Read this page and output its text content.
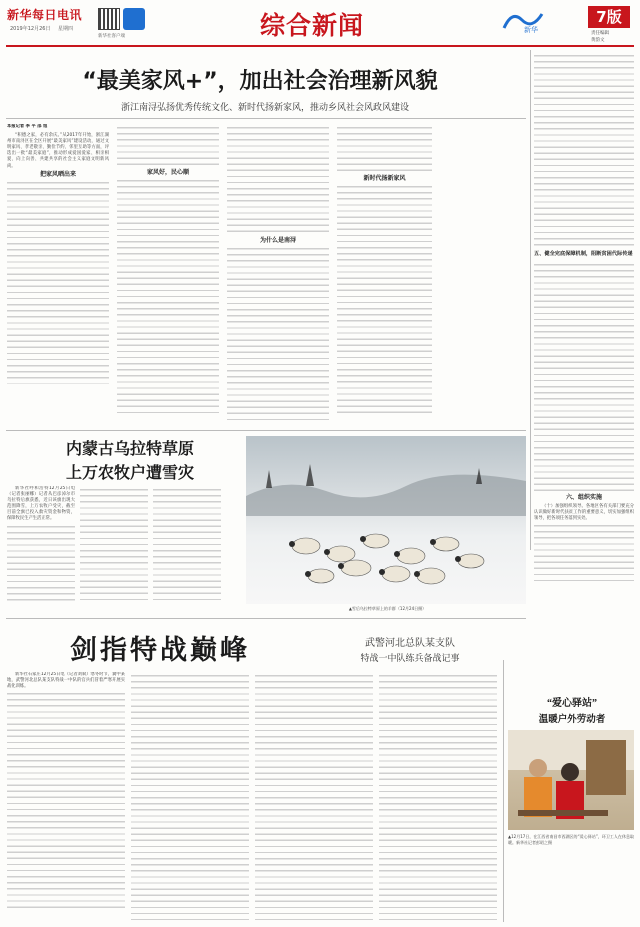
新华每日电讯
2019年12月26日 星期四
新华社客户端	综合新闻	新华
7版
责任编辑
黄韵文
“最美家风+”，加出社会治理新风貌
浙江南浔弘扬优秀传统文化、新时代扬新家风，推动乡风社会风政风建设
本报记者 李 平 邵 旭

“积德之家，必有余庆。”从2017年开始，浙江湖州市南浔区在全区开展“最美家风”建设活动，通过文明家风、孝老敬亲、勤俭节约、邻里互助等方面，评选出一批“最美家庭”，推动形成爱国爱家、相亲相爱、向上向善、共建共享的社会主义家庭文明新风尚。

把家风晒出来	家风好，民心顺
为什么是南浔
新时代扬新家风
五、健全完底保障机制，阻断贫困代际传递
六、组织实施

（十）加强组织领导。各地区各有关部门要充分认识做好新时代扶贫工作的重要意义，切实加强组织领导，把各项任务落到实处。

内蒙古乌拉特草原
上万农牧户遭雪灾

新华社呼和浩特12月25日电（记者张丽娜）记者从巴彦淖尔市乌拉特后旗获悉，近日该旗出现大范围降雪，上万农牧户受灾，截至目前全旗已投入救灾资金和物资，保障牧民生产生活正常。

▲雪后乌拉特草原上的羊群（12月24日摄）
剑指特战巅峰	武警河北总队某支队
特战一中队练兵备战记事

新华社石家庄12月25日电（记者刘斌）寒冬时节，冀中某地，武警河北总队某支队特战一中队的官兵们冒着严寒开展实战化训练。

“爱心驿站”
温暖户外劳动者
▲12月17日，在江西省南昌市西湖区的“爱心驿站”，环卫工人在休息取暖。新华社记者彭昭之摄
